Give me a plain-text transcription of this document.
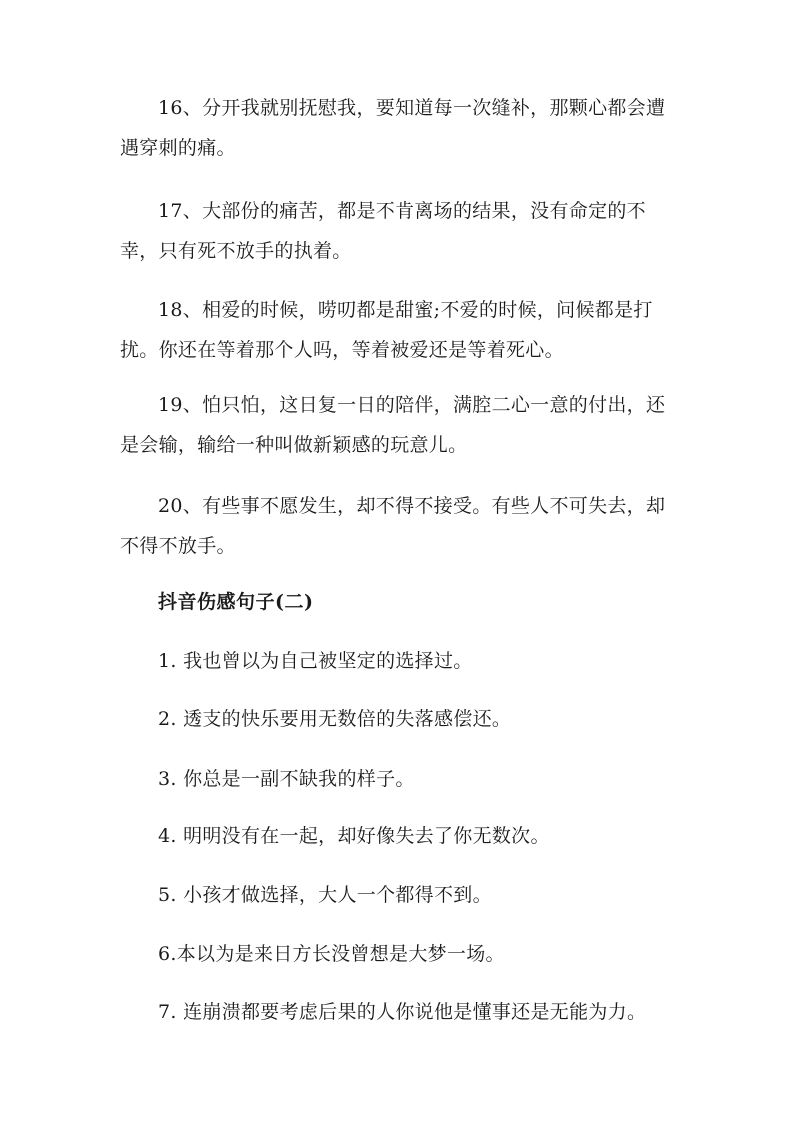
16、分开我就别抚慰我，要知道每一次缝补，那颗心都会遭遇穿刺的痛。

17、大部份的痛苦，都是不肯离场的结果，没有命定的不幸，只有死不放手的执着。

18、相爱的时候，唠叨都是甜蜜;不爱的时候，问候都是打扰。你还在等着那个人吗，等着被爱还是等着死心。

19、怕只怕，这日复一日的陪伴，满腔二心一意的付出，还是会输，输给一种叫做新颖感的玩意儿。

20、有些事不愿发生，却不得不接受。有些人不可失去，却不得不放手。

抖音伤感句子(二)

1. 我也曾以为自己被坚定的选择过。

2. 透支的快乐要用无数倍的失落感偿还。

3. 你总是一副不缺我的样子。

4. 明明没有在一起，却好像失去了你无数次。

5. 小孩才做选择，大人一个都得不到。

6.本以为是来日方长没曾想是大梦一场。

7. 连崩溃都要考虑后果的人你说他是懂事还是无能为力。
